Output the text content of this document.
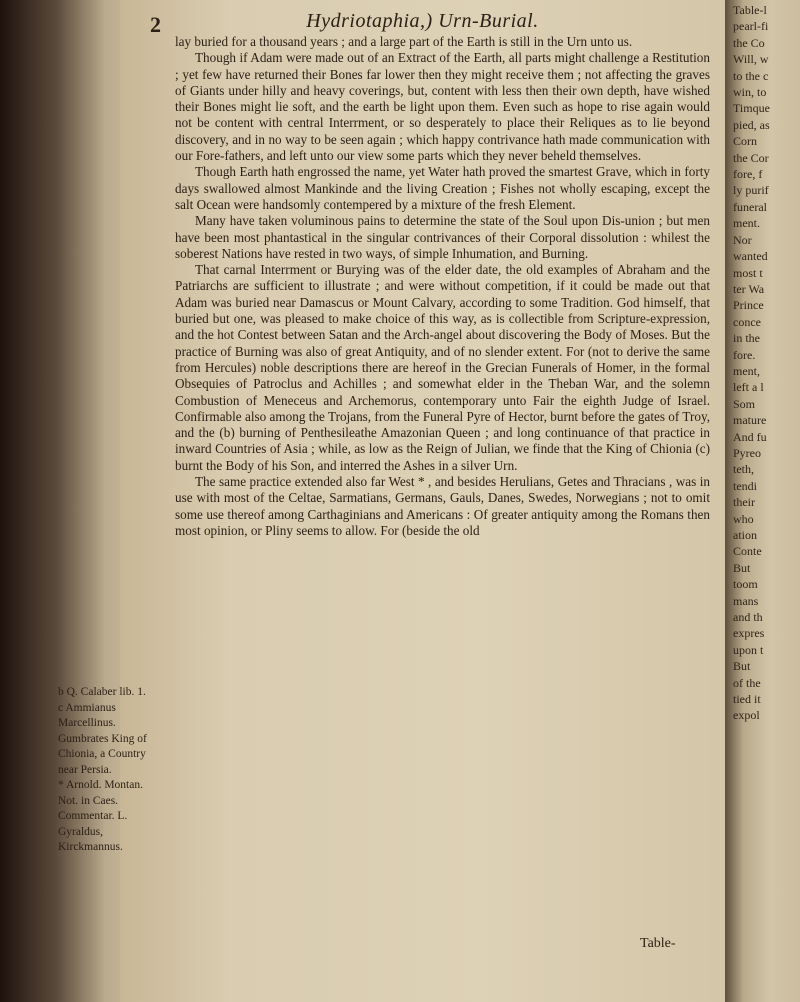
2	Hydriotaphia,) Urn-Burial.

lay buried for a thousand years ; and a large part of the Earth is still in the Urn unto us.

Though if Adam were made out of an Extract of the Earth, all parts might challenge a Restitution ; yet few have returned their Bones far lower then they might receive them ; not affecting the graves of Giants under hilly and heavy coverings, but, content with less then their own depth, have wished their Bones might lie soft, and the earth be light upon them. Even such as hope to rise again would not be content with central Interrment, or so desperately to place their Reliques as to lie beyond discovery, and in no way to be seen again ; which happy contrivance hath made communication with our Fore-fathers, and left unto our view some parts which they never beheld themselves.

Though Earth hath engrossed the name, yet Water hath proved the smartest Grave, which in forty days swallowed almost Mankinde and the living Creation ; Fishes not wholly escaping, except the salt Ocean were handsomly contempered by a mixture of the fresh Element.

Many have taken voluminous pains to determine the state of the Soul upon Dis-union ; but men have been most phantastical in the singular contrivances of their Corporal dissolution : whilest the soberest Nations have rested in two ways, of simple Inhumation, and Burning.

That carnal Interrment or Burying was of the elder date, the old examples of Abraham and the Patriarchs are sufficient to illustrate ; and were without competition, if it could be made out that Adam was buried near Damascus or Mount Calvary, according to some Tradition. God himself, that buried but one, was pleased to make choice of this way, as is collectible from Scripture-expression, and the hot Contest between Satan and the Arch-angel about discovering the Body of Moses. But the practice of Burning was also of great Antiquity, and of no slender extent. For (not to derive the same from Hercules) noble descriptions there are hereof in the Grecian Funerals of Homer, in the formal Obsequies of Patroclus and Achilles ; and somewhat elder in the Theban War, and the solemn Combustion of Meneceus and Archemorus, contemporary unto Fair the eighth Judge of Israel. Confirmable also among the Trojans, from the Funeral Pyre of Hector, burnt before the gates of Troy, and the (b) burning of Penthesileathe Amazonian Queen ; and long continuance of that practice in inward Countries of Asia ; while, as low as the Reign of Julian, we finde that the King of Chionia (c) burnt the Body of his Son, and interred the Ashes in a silver Urn.

The same practice extended also far West * , and besides Herulians, Getes and Thracians , was in use with most of the Celtae, Sarmatians, Germans, Gauls, Danes, Swedes, Norwegians ; not to omit some use thereof among Carthaginians and Americans : Of greater antiquity among the Romans then most opinion, or Pliny seems to allow. For (beside the old

b Q. Calaber lib. 1.
c Ammianus Marcellinus. Gumbrates King of Chionia, a Country near Persia.
* Arnold. Montan. Not. in Caes. Commentar. L. Gyraldus, Kirckmannus.
Table-
Table-l
pearl-fi
the Co
Will, w
to the c
win, to
Timque
pied, as
Corn
the Cor
fore, f
ly purif
funeral
ment.
Nor
wanted
most t
ter Wa
Prince
conce
in the
fore.
ment,
left a l
Som
mature
And fu
Pyreo
teth,
tendi
their
who
ation
Conte
But
toom
mans
and th
expres
upon t
But
of the
tied it
expol
